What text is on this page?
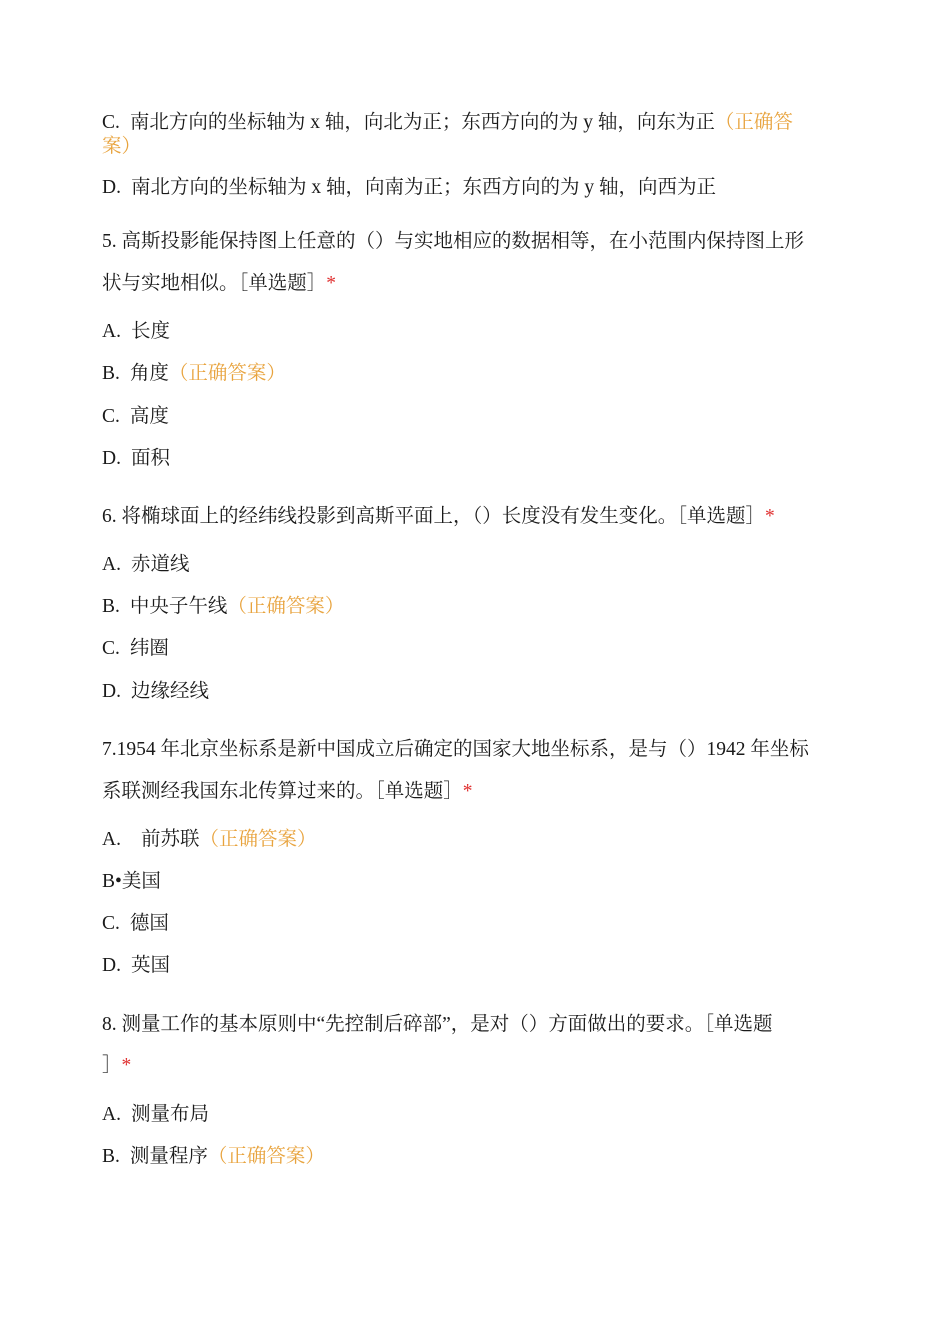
C. 南北方向的坐标轴为 x 轴，向北为正；东西方向的为 y 轴，向东为正（正确答
案）
D. 南北方向的坐标轴为 x 轴，向南为正；东西方向的为 y 轴，向西为正
5. 高斯投影能保持图上任意的（）与实地相应的数据相等，在小范围内保持图上形
状与实地相似。［单选题］*
A. 长度
B. 角度（正确答案）
C. 高度
D. 面积
6. 将椭球面上的经纬线投影到高斯平面上，（）长度没有发生变化。［单选题］*
A. 赤道线
B. 中央子午线（正确答案）
C. 纬圈
D. 边缘经线
7.1954 年北京坐标系是新中国成立后确定的国家大地坐标系，是与（）1942 年坐标
系联测经我国东北传算过来的。［单选题］*
A. 前苏联（正确答案）
B•美国
C. 德国
D. 英国
8. 测量工作的基本原则中“先控制后碎部”，是对（）方面做出的要求。［单选题
］*
A. 测量布局
B. 测量程序（正确答案）
